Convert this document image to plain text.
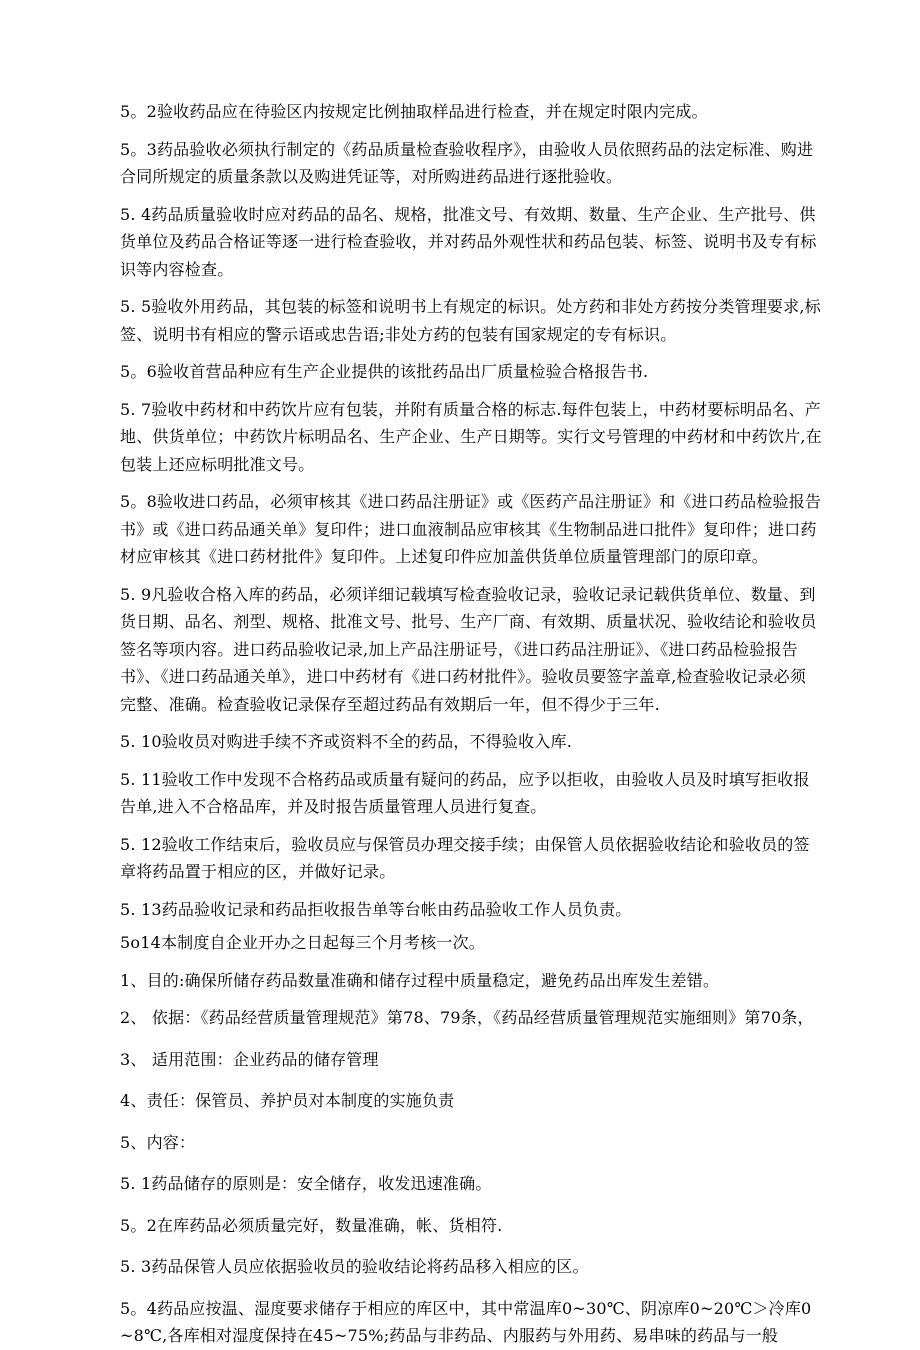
5。2验收药品应在待验区内按规定比例抽取样品进行检查，并在规定时限内完成。

5。3药品验收必须执行制定的《药品质量检查验收程序》，由验收人员依照药品的法定标准、购进合同所规定的质量条款以及购进凭证等，对所购进药品进行逐批验收。

5. 4药品质量验收时应对药品的品名、规格，批准文号、有效期、数量、生产企业、生产批号、供货单位及药品合格证等逐一进行检查验收，并对药品外观性状和药品包装、标签、说明书及专有标识等内容检查。

5. 5验收外用药品，其包装的标签和说明书上有规定的标识。处方药和非处方药按分类管理要求,标签、说明书有相应的警示语或忠告语;非处方药的包装有国家规定的专有标识。

5。6验收首营品种应有生产企业提供的该批药品出厂质量检验合格报告书.

5. 7验收中药材和中药饮片应有包装，并附有质量合格的标志.每件包装上，中药材要标明品名、产地、供货单位；中药饮片标明品名、生产企业、生产日期等。实行文号管理的中药材和中药饮片,在包装上还应标明批准文号。

5。8验收进口药品，必须审核其《进口药品注册证》或《医药产品注册证》和《进口药品检验报告书》或《进口药品通关单》复印件；进口血液制品应审核其《生物制品进口批件》复印件；进口药材应审核其《进口药材批件》复印件。上述复印件应加盖供货单位质量管理部门的原印章。

5. 9凡验收合格入库的药品，必须详细记载填写检查验收记录，验收记录记载供货单位、数量、到货日期、品名、剂型、规格、批准文号、批号、生产厂商、有效期、质量状况、验收结论和验收员签名等项内容。进口药品验收记录,加上产品注册证号，《进口药品注册证》、《进口药品检验报告书》、《进口药品通关单》，进口中药材有《进口药材批件》。验收员要签字盖章,检查验收记录必须完整、准确。检查验收记录保存至超过药品有效期后一年，但不得少于三年.

5. 10验收员对购进手续不齐或资料不全的药品，不得验收入库.

5. 11验收工作中发现不合格药品或质量有疑问的药品，应予以拒收，由验收人员及时填写拒收报告单,进入不合格品库，并及时报告质量管理人员进行复查。

5. 12验收工作结束后，验收员应与保管员办理交接手续；由保管人员依据验收结论和验收员的签章将药品置于相应的区，并做好记录。

5. 13药品验收记录和药品拒收报告单等台帐由药品验收工作人员负责。

5o14本制度自企业开办之日起每三个月考核一次。

1、目的:确保所储存药品数量准确和储存过程中质量稳定，避免药品出库发生差错。

2、 依据：《药品经营质量管理规范》第78、79条，《药品经营质量管理规范实施细则》第70条，

3、 适用范围：企业药品的储存管理

4、责任：保管员、养护员对本制度的实施负责

5、内容：

5. 1药品储存的原则是：安全储存，收发迅速准确。

5。2在库药品必须质量完好，数量准确，帐、货相符.

5. 3药品保管人员应依据验收员的验收结论将药品移入相应的区。

5。4药品应按温、湿度要求储存于相应的库区中，其中常温库0~30℃、阴凉库0~20℃＞冷库0~8℃,各库相对湿度保持在45~75%;药品与非药品、内服药与外用药、易串味的药品与一般
